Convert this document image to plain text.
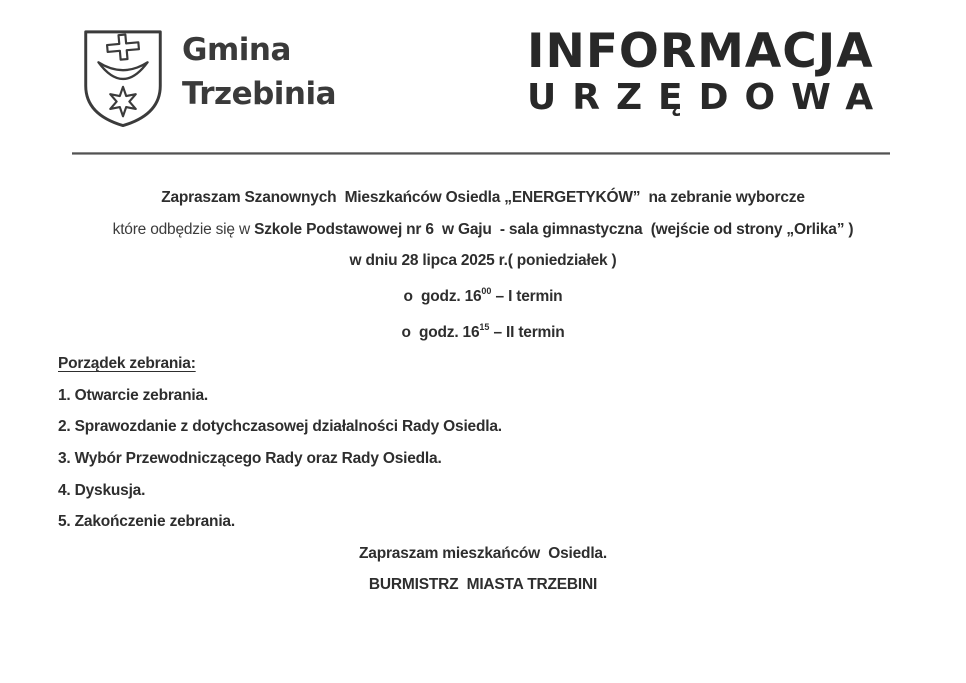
Gmina
Trzebinia
INFORMACJA
URZĘDOWA

Zapraszam Szanownych  Mieszkańców Osiedla „ENERGETYKÓW”  na zebranie wyborcze

które odbędzie się w Szkole Podstawowej nr 6  w Gaju  - sala gimnastyczna  (wejście od strony „Orlika” )

w dniu 28 lipca 2025 r.( poniedziałek )

o  godz. $16^{00}$ – I termin

o  godz. $16^{15}$ – II termin

Porządek zebrania:

1. Otwarcie zebrania.

2. Sprawozdanie z dotychczasowej działalności Rady Osiedla.

3. Wybór Przewodniczącego Rady oraz Rady Osiedla.

4. Dyskusja.

5. Zakończenie zebrania.

Zapraszam mieszkańców  Osiedla.

BURMISTRZ  MIASTA TRZEBINI
